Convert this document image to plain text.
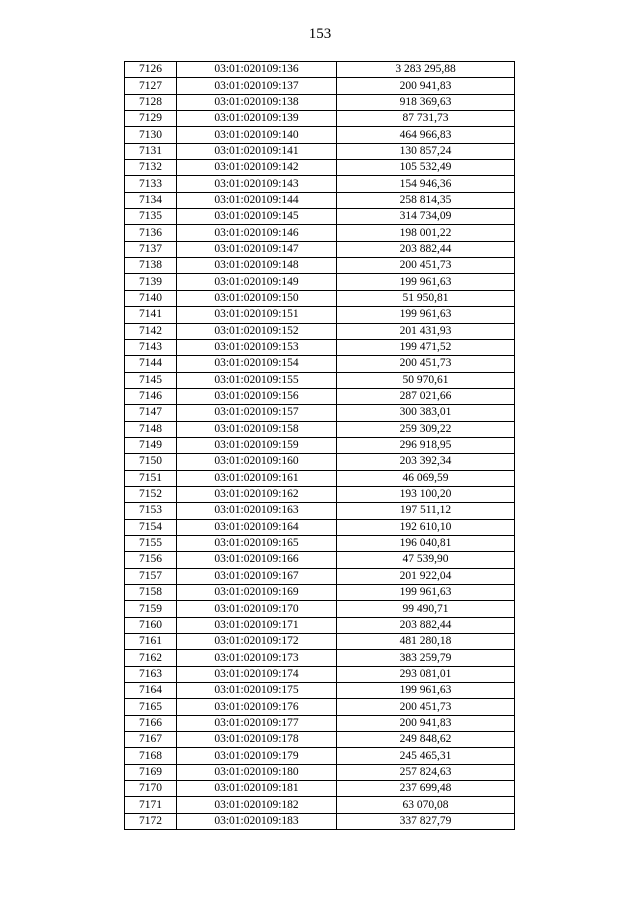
153
7126	03:01:020109:136	3 283 295,88
7127	03:01:020109:137	200 941,83
7128	03:01:020109:138	918 369,63
7129	03:01:020109:139	87 731,73
7130	03:01:020109:140	464 966,83
7131	03:01:020109:141	130 857,24
7132	03:01:020109:142	105 532,49
7133	03:01:020109:143	154 946,36
7134	03:01:020109:144	258 814,35
7135	03:01:020109:145	314 734,09
7136	03:01:020109:146	198 001,22
7137	03:01:020109:147	203 882,44
7138	03:01:020109:148	200 451,73
7139	03:01:020109:149	199 961,63
7140	03:01:020109:150	51 950,81
7141	03:01:020109:151	199 961,63
7142	03:01:020109:152	201 431,93
7143	03:01:020109:153	199 471,52
7144	03:01:020109:154	200 451,73
7145	03:01:020109:155	50 970,61
7146	03:01:020109:156	287 021,66
7147	03:01:020109:157	300 383,01
7148	03:01:020109:158	259 309,22
7149	03:01:020109:159	296 918,95
7150	03:01:020109:160	203 392,34
7151	03:01:020109:161	46 069,59
7152	03:01:020109:162	193 100,20
7153	03:01:020109:163	197 511,12
7154	03:01:020109:164	192 610,10
7155	03:01:020109:165	196 040,81
7156	03:01:020109:166	47 539,90
7157	03:01:020109:167	201 922,04
7158	03:01:020109:169	199 961,63
7159	03:01:020109:170	99 490,71
7160	03:01:020109:171	203 882,44
7161	03:01:020109:172	481 280,18
7162	03:01:020109:173	383 259,79
7163	03:01:020109:174	293 081,01
7164	03:01:020109:175	199 961,63
7165	03:01:020109:176	200 451,73
7166	03:01:020109:177	200 941,83
7167	03:01:020109:178	249 848,62
7168	03:01:020109:179	245 465,31
7169	03:01:020109:180	257 824,63
7170	03:01:020109:181	237 699,48
7171	03:01:020109:182	63 070,08
7172	03:01:020109:183	337 827,79
